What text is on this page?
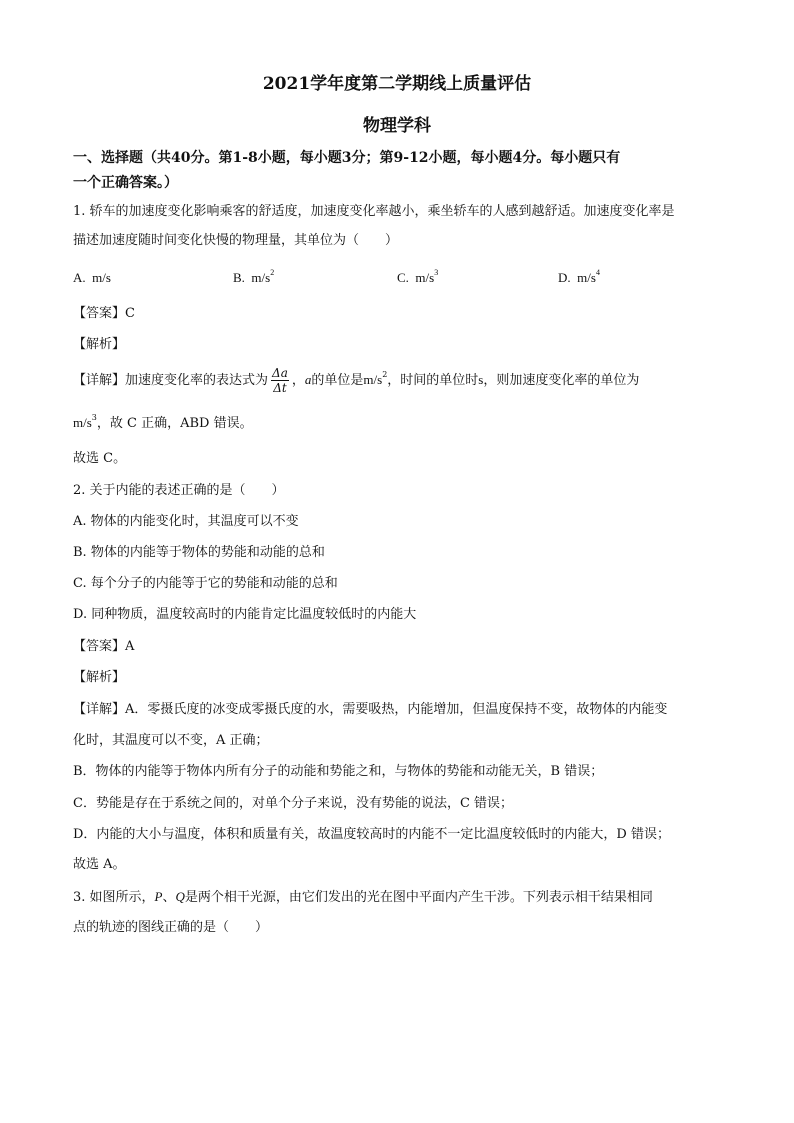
2021学年度第二学期线上质量评估
物理学科
一、选择题（共40分。第1-8小题，每小题3分；第9-12小题，每小题4分。每小题只有
一个正确答案。）
1. 轿车的加速度变化影响乘客的舒适度，加速度变化率越小，乘坐轿车的人感到越舒适。加速度变化率是
描述加速度随时间变化快慢的物理量，其单位为（　　）
A. m/s	B. $m/s^2$	C. $m/s^3$	D. $m/s^4$
【答案】C
【解析】
【详解】加速度变化率的表达式为 $\frac{\Delta a}{\Delta t}$ ，a的单位是$m/s^2$，时间的单位时s，则加速度变化率的单位为
$m/s^3$，故 C 正确，ABD 错误。
故选 C。
2. 关于内能的表述正确的是（　　）
A. 物体的内能变化时，其温度可以不变
B. 物体的内能等于物体的势能和动能的总和
C. 每个分子的内能等于它的势能和动能的总和
D. 同种物质，温度较高时的内能肯定比温度较低时的内能大
【答案】A
【解析】
【详解】A．零摄氏度的冰变成零摄氏度的水，需要吸热，内能增加，但温度保持不变，故物体的内能变
化时，其温度可以不变，A 正确；
B．物体的内能等于物体内所有分子的动能和势能之和，与物体的势能和动能无关，B 错误；
C．势能是存在于系统之间的，对单个分子来说，没有势能的说法，C 错误；
D．内能的大小与温度，体积和质量有关，故温度较高时的内能不一定比温度较低时的内能大，D 错误；
故选 A。
3. 如图所示，P、Q是两个相干光源，由它们发出的光在图中平面内产生干涉。下列表示相干结果相同
点的轨迹的图线正确的是（　　）
